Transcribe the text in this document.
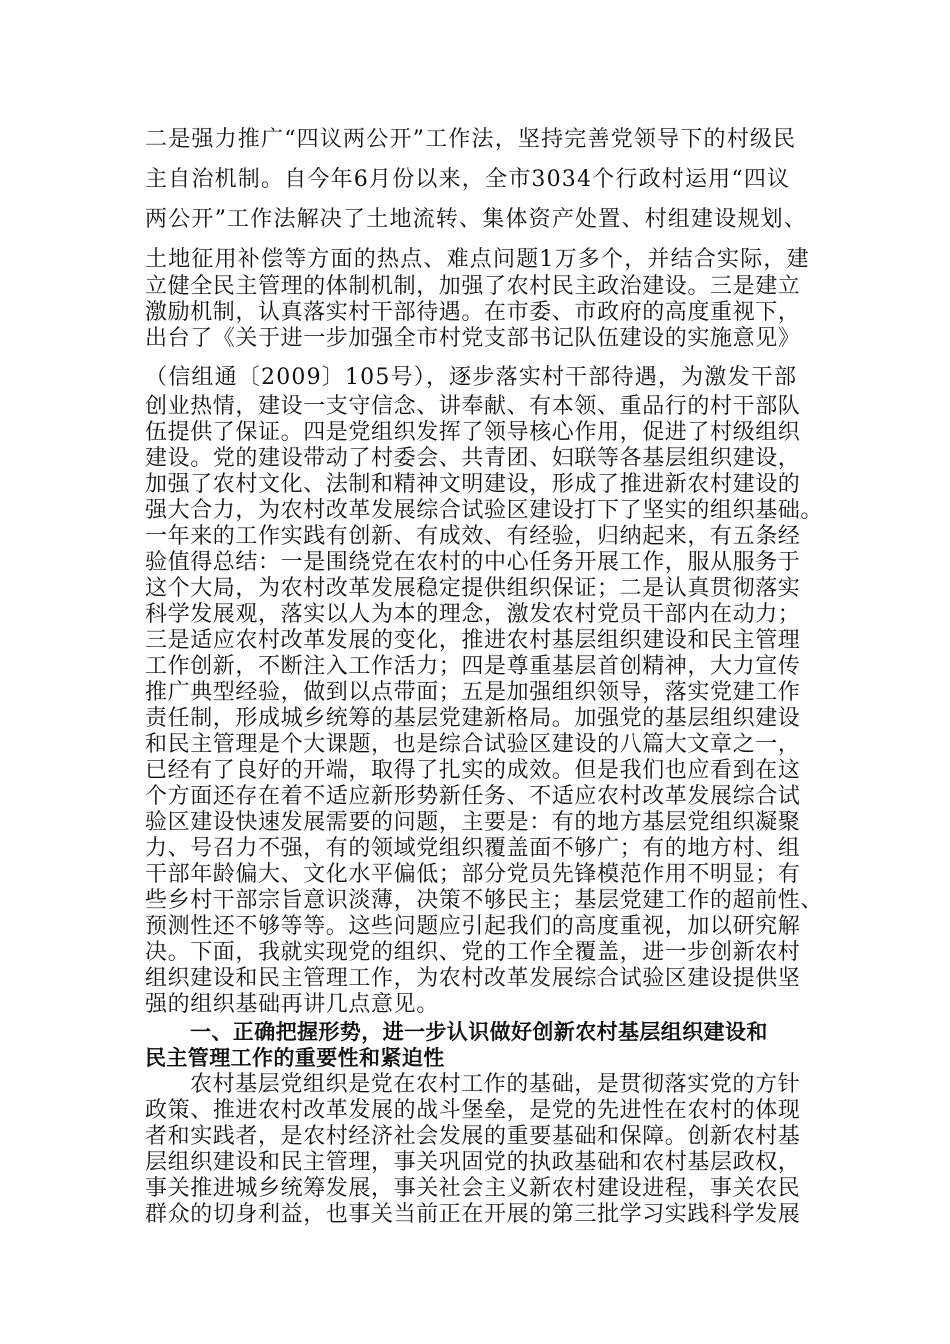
二是强力推广“四议两公开”工作法，坚持完善党领导下的村级民
主自治机制。自今年6月份以来，全市3034个行政村运用“四议
两公开”工作法解决了土地流转、集体资产处置、村组建设规划、
土地征用补偿等方面的热点、难点问题1万多个，并结合实际，建
立健全民主管理的体制机制，加强了农村民主政治建设。三是建立
激励机制，认真落实村干部待遇。在市委、市政府的高度重视下，
出台了《关于进一步加强全市村党支部书记队伍建设的实施意见》
（信组通〔2009〕105号），逐步落实村干部待遇，为激发干部
创业热情，建设一支守信念、讲奉献、有本领、重品行的村干部队
伍提供了保证。四是党组织发挥了领导核心作用，促进了村级组织
建设。党的建设带动了村委会、共青团、妇联等各基层组织建设，
加强了农村文化、法制和精神文明建设，形成了推进新农村建设的
强大合力，为农村改革发展综合试验区建设打下了坚实的组织基础。
一年来的工作实践有创新、有成效、有经验，归纳起来，有五条经
验值得总结：一是围绕党在农村的中心任务开展工作，服从服务于
这个大局，为农村改革发展稳定提供组织保证；二是认真贯彻落实
科学发展观，落实以人为本的理念，激发农村党员干部内在动力；
三是适应农村改革发展的变化，推进农村基层组织建设和民主管理
工作创新，不断注入工作活力；四是尊重基层首创精神，大力宣传
推广典型经验，做到以点带面；五是加强组织领导，落实党建工作
责任制，形成城乡统筹的基层党建新格局。加强党的基层组织建设
和民主管理是个大课题，也是综合试验区建设的八篇大文章之一，
已经有了良好的开端，取得了扎实的成效。但是我们也应看到在这
个方面还存在着不适应新形势新任务、不适应农村改革发展综合试
验区建设快速发展需要的问题，主要是：有的地方基层党组织凝聚
力、号召力不强，有的领域党组织覆盖面不够广；有的地方村、组
干部年龄偏大、文化水平偏低；部分党员先锋模范作用不明显；有
些乡村干部宗旨意识淡薄，决策不够民主；基层党建工作的超前性、
预测性还不够等等。这些问题应引起我们的高度重视，加以研究解
决。下面，我就实现党的组织、党的工作全覆盖，进一步创新农村
组织建设和民主管理工作，为农村改革发展综合试验区建设提供坚
强的组织基础再讲几点意见。
一、正确把握形势，进一步认识做好创新农村基层组织建设和
民主管理工作的重要性和紧迫性
农村基层党组织是党在农村工作的基础，是贯彻落实党的方针
政策、推进农村改革发展的战斗堡垒，是党的先进性在农村的体现
者和实践者，是农村经济社会发展的重要基础和保障。创新农村基
层组织建设和民主管理，事关巩固党的执政基础和农村基层政权，
事关推进城乡统筹发展，事关社会主义新农村建设进程，事关农民
群众的切身利益，也事关当前正在开展的第三批学习实践科学发展
